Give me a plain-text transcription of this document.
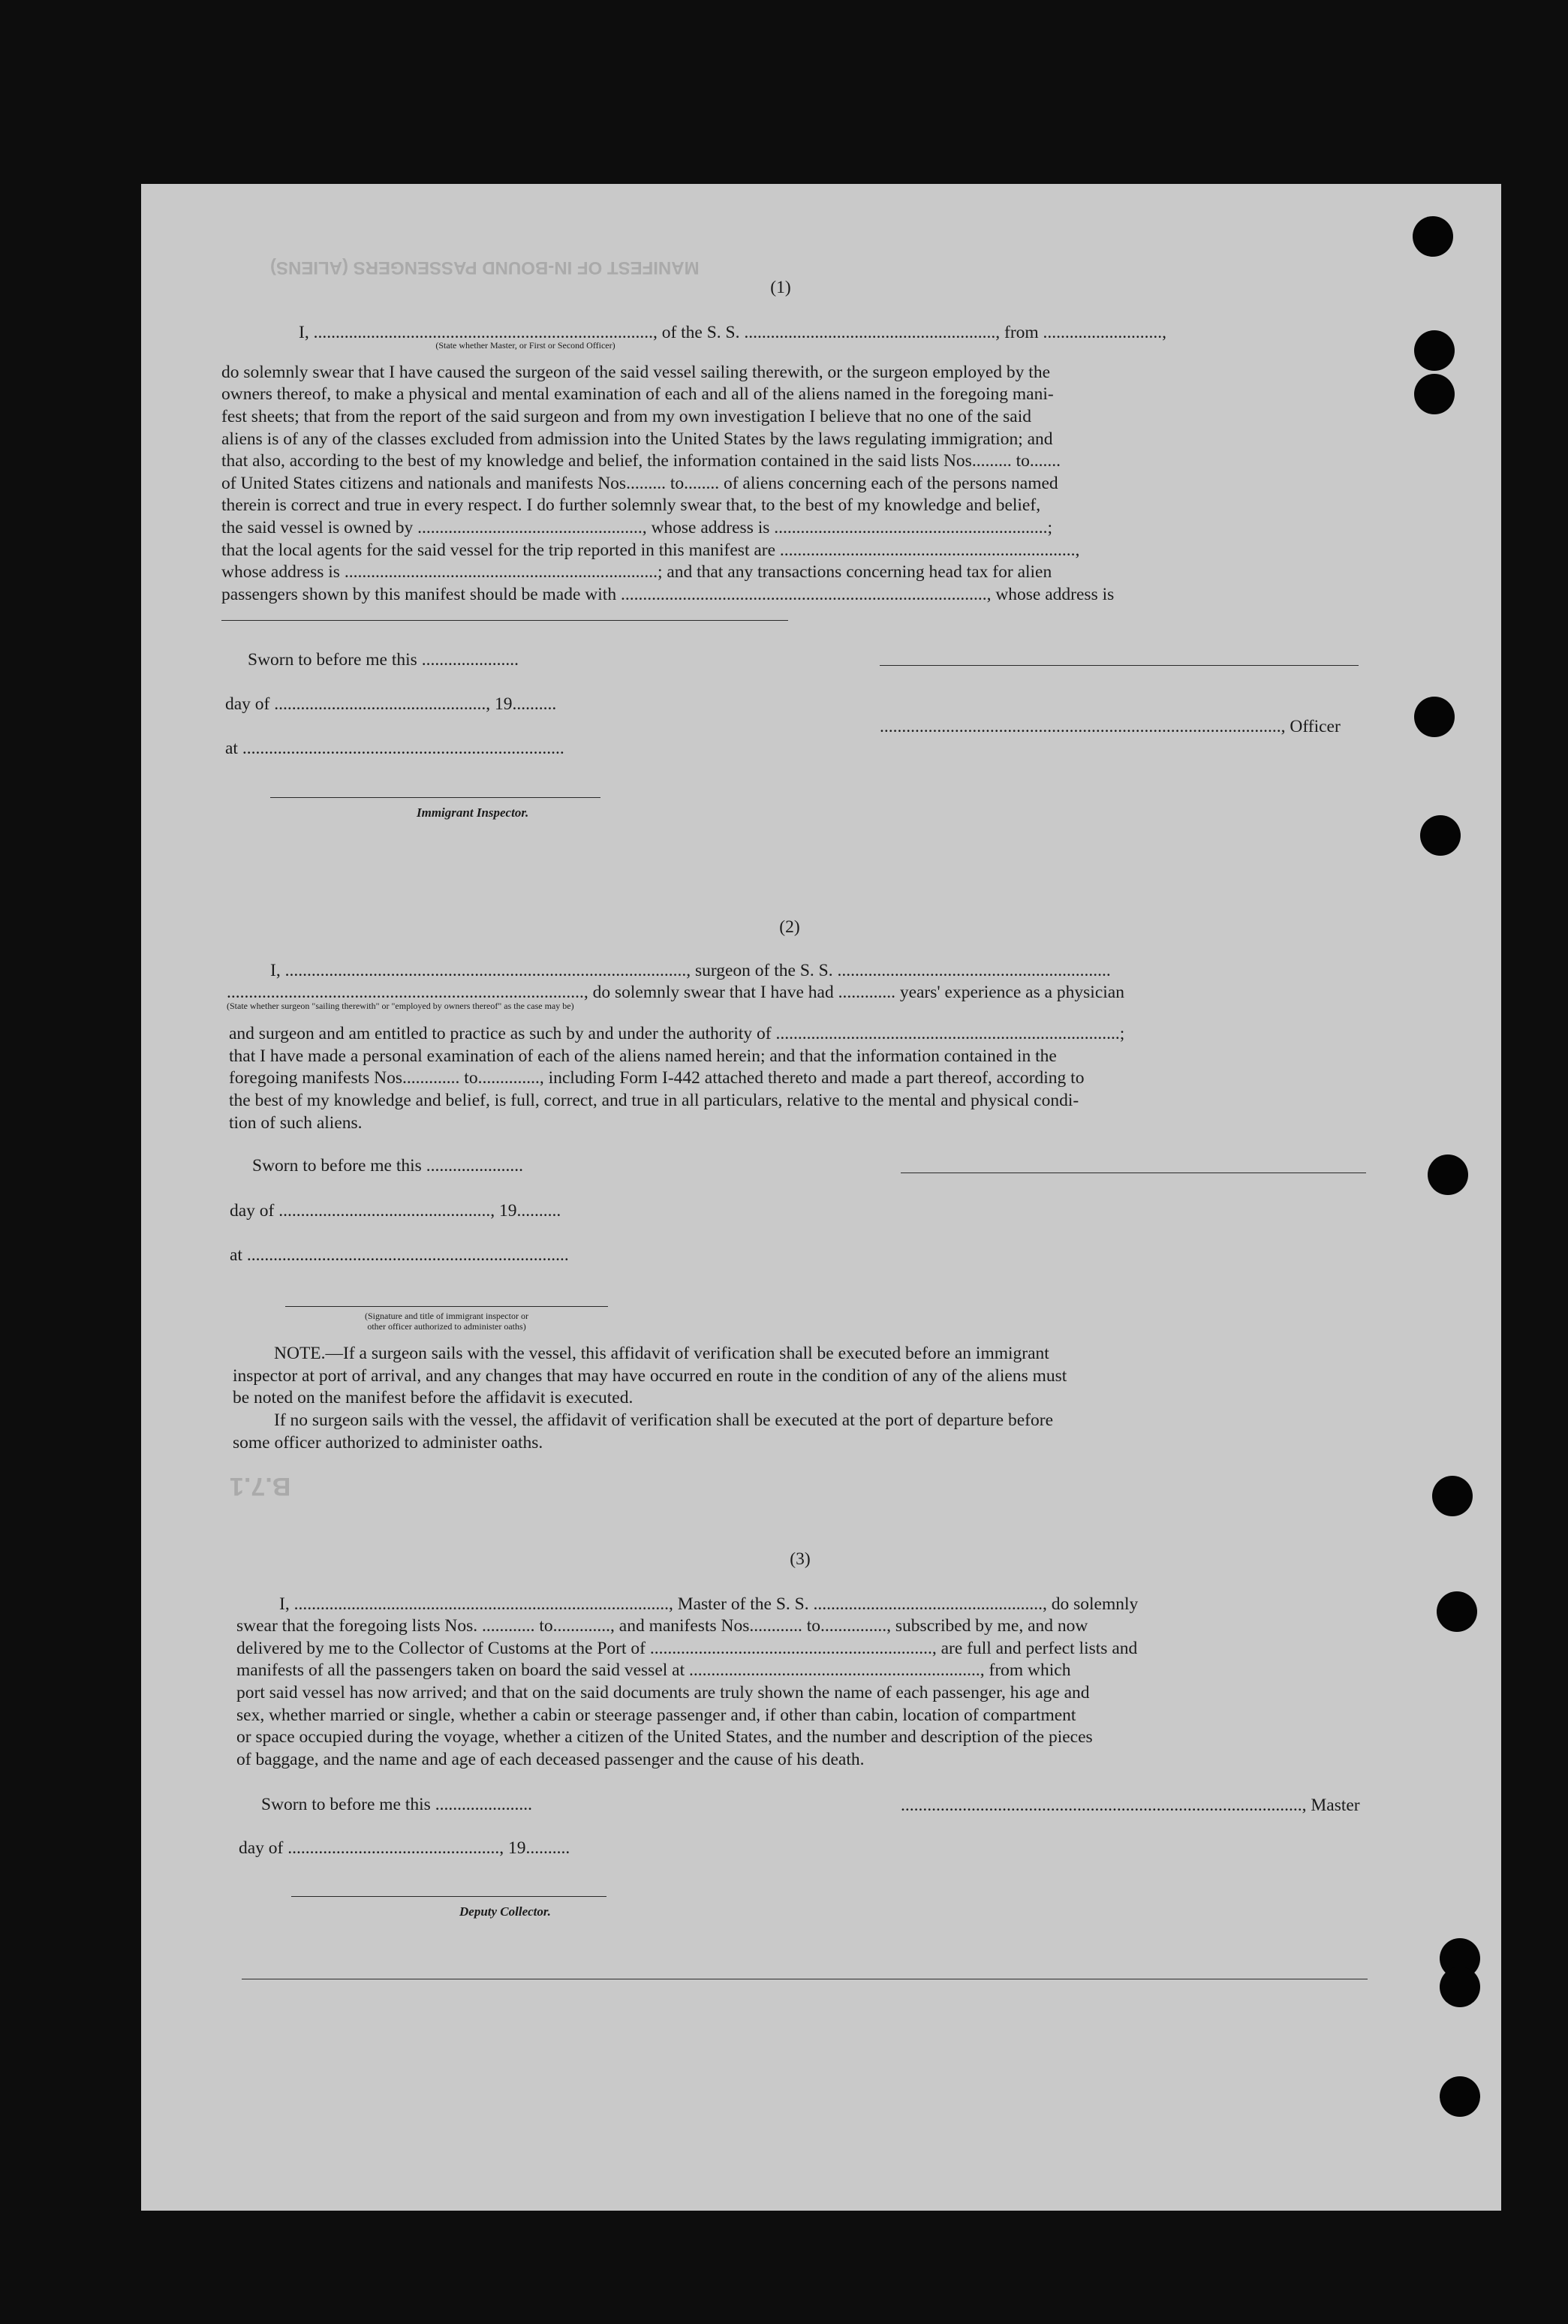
MANIFEST OF IN-BOUND PASSENGERS (ALIENS)
B.7.1
(1)
I, ............................................................................., of the S. S. ........................................................., from ...........................,
(State whether Master, or First or Second Officer)
do solemnly swear that I have caused the surgeon of the said vessel sailing therewith, or the surgeon employed by the
owners thereof, to make a physical and mental examination of each and all of the aliens named in the foregoing mani-
fest sheets; that from the report of the said surgeon and from my own investigation I believe that no one of the said
aliens is of any of the classes excluded from admission into the United States by the laws regulating immigration; and
that also, according to the best of my knowledge and belief, the information contained in the said lists Nos......... to.......
of United States citizens and nationals and manifests Nos......... to........ of aliens concerning each of the persons named
therein is correct and true in every respect. I do further solemnly swear that, to the best of my knowledge and belief,
the said vessel is owned by ..................................................., whose address is ..............................................................;
that the local agents for the said vessel for the trip reported in this manifest are ...................................................................,
whose address is .......................................................................; and that any transactions concerning head tax for alien
passengers shown by this manifest should be made with ..................................................................................., whose address is
Sworn to before me this ......................
day of ................................................, 19..........
at .........................................................................
Immigrant Inspector.
..........................................................................................., Officer
(2)
I, ..........................................................................................., surgeon of the S. S. ..............................................................
................................................................................., do solemnly swear that I have had ............. years' experience as a physician
(State whether surgeon "sailing therewith" or "employed by owners thereof" as the case may be)
and surgeon and am entitled to practice as such by and under the authority of ..............................................................................;
that I have made a personal examination of each of the aliens named herein; and that the information contained in the
foregoing manifests Nos............. to.............., including Form I-442 attached thereto and made a part thereof, according to
the best of my knowledge and belief, is full, correct, and true in all particulars, relative to the mental and physical condi-
tion of such aliens.
Sworn to before me this ......................
day of ................................................, 19..........
at .........................................................................
(Signature and title of immigrant inspector or
other officer authorized to administer oaths)
NOTE.—If a surgeon sails with the vessel, this affidavit of verification shall be executed before an immigrant
inspector at port of arrival, and any changes that may have occurred en route in the condition of any of the aliens must
be noted on the manifest before the affidavit is executed.
If no surgeon sails with the vessel, the affidavit of verification shall be executed at the port of departure before
some officer authorized to administer oaths.
(3)
I, ....................................................................................., Master of the S. S. ...................................................., do solemnly
swear that the foregoing lists Nos. ............ to............., and manifests Nos............ to..............., subscribed by me, and now
delivered by me to the Collector of Customs at the Port of ................................................................, are full and perfect lists and
manifests of all the passengers taken on board the said vessel at .................................................................., from which
port said vessel has now arrived; and that on the said documents are truly shown the name of each passenger, his age and
sex, whether married or single, whether a cabin or steerage passenger and, if other than cabin, location of compartment
or space occupied during the voyage, whether a citizen of the United States, and the number and description of the pieces
of baggage, and the name and age of each deceased passenger and the cause of his death.
Sworn to before me this ......................
day of ................................................, 19..........
Deputy Collector.
..........................................................................................., Master
